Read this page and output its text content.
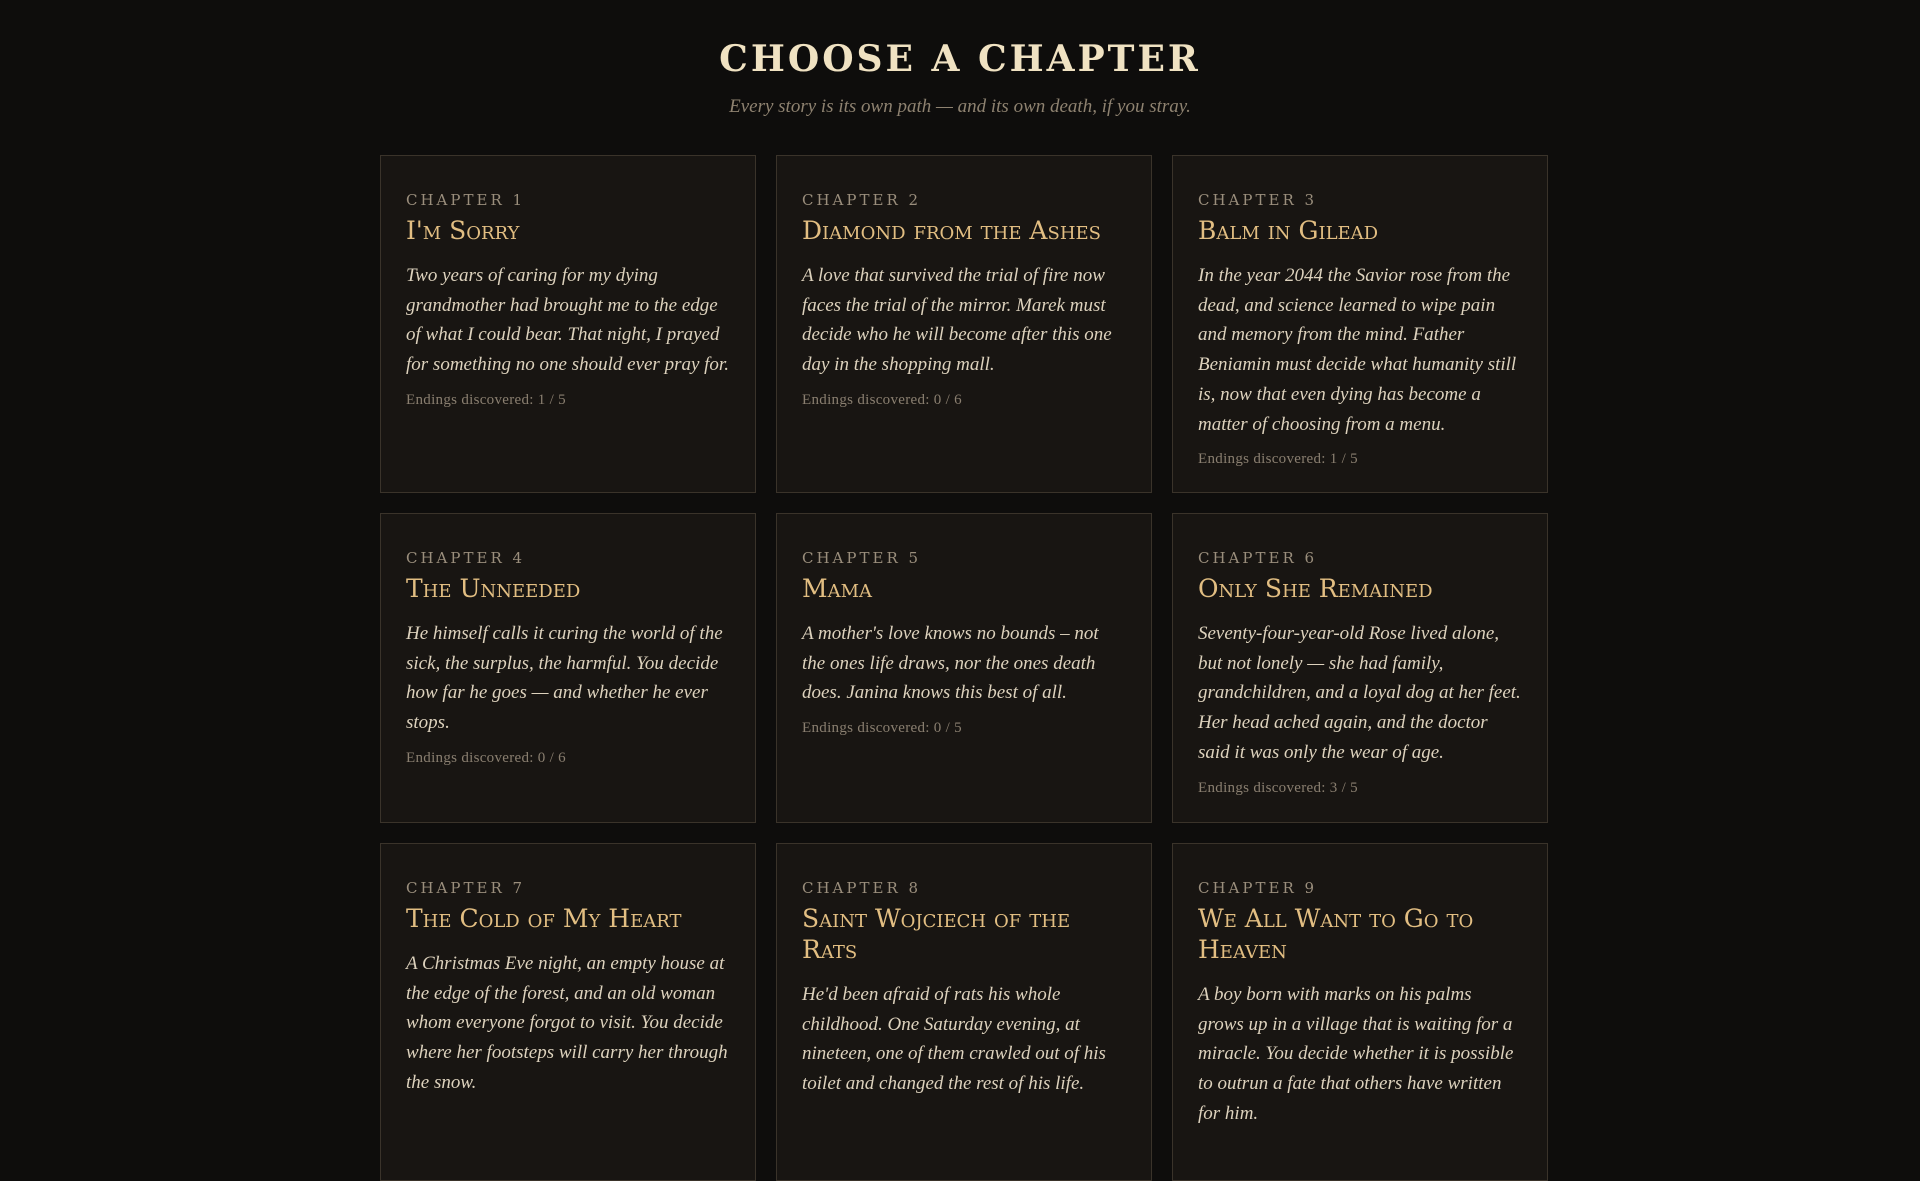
CHOOSE A CHAPTER

Every story is its own path — and its own death, if you stray.

CHAPTER 1
I'm Sorry

Two years of caring for my dying grandmother had brought me to the edge of what I could bear. That night, I prayed for something no one should ever pray for.

Endings discovered: 1 / 5

CHAPTER 2
Diamond from the Ashes

A love that survived the trial of fire now faces the trial of the mirror. Marek must decide who he will become after this one day in the shopping mall.

Endings discovered: 0 / 6

CHAPTER 3
Balm in Gilead

In the year 2044 the Savior rose from the dead, and science learned to wipe pain and memory from the mind. Father Beniamin must decide what humanity still is, now that even dying has become a matter of choosing from a menu.

Endings discovered: 1 / 5

CHAPTER 4
The Unneeded

He himself calls it curing the world of the sick, the surplus, the harmful. You decide how far he goes — and whether he ever stops.

Endings discovered: 0 / 6

CHAPTER 5
Mama

A mother's love knows no bounds – not the ones life draws, nor the ones death does. Janina knows this best of all.

Endings discovered: 0 / 5

CHAPTER 6
Only She Remained

Seventy-four-year-old Rose lived alone, but not lonely — she had family, grandchildren, and a loyal dog at her feet. Her head ached again, and the doctor said it was only the wear of age.

Endings discovered: 3 / 5

CHAPTER 7
The Cold of My Heart

A Christmas Eve night, an empty house at the edge of the forest, and an old woman whom everyone forgot to visit. You decide where her footsteps will carry her through the snow.

CHAPTER 8
Saint Wojciech of the Rats

He'd been afraid of rats his whole childhood. One Saturday evening, at nineteen, one of them crawled out of his toilet and changed the rest of his life.

CHAPTER 9
We All Want to Go to Heaven

A boy born with marks on his palms grows up in a village that is waiting for a miracle. You decide whether it is possible to outrun a fate that others have written for him.
